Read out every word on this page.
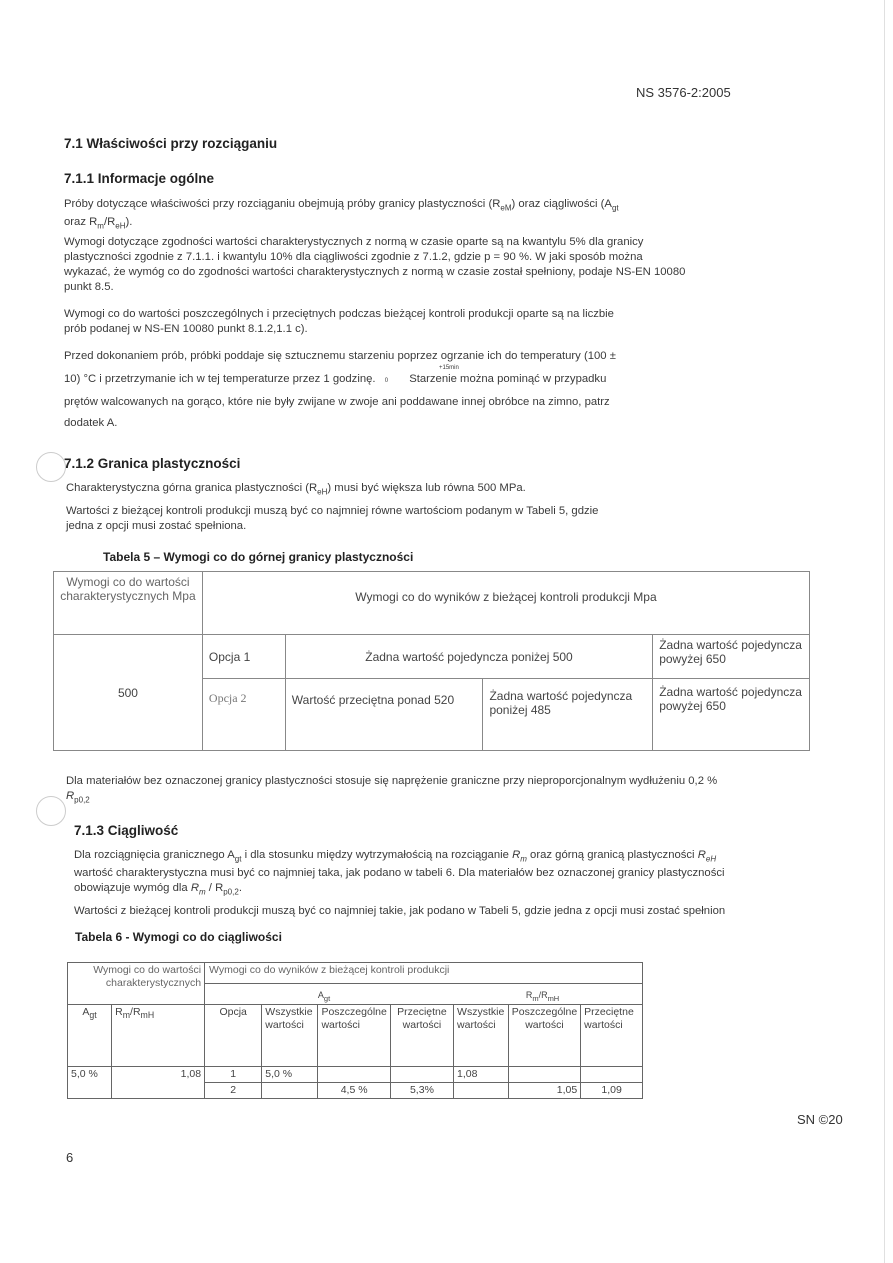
NS 3576-2:2005
7.1 Właściwości przy rozciąganiu
7.1.1 Informacje ogólne
Próby dotyczące właściwości przy rozciąganiu obejmują próby granicy plastyczności $(R_{eM})$ oraz ciągliwości ($A_{gt}$
oraz $R_m/R_{eH}$).
Wymogi dotyczące zgodności wartości charakterystycznych z normą w czasie oparte są na kwantylu 5% dla granicy
plastyczności zgodnie z 7.1.1. i kwantylu 10% dla ciągliwości zgodnie z 7.1.2, gdzie p = 90 %. W jaki sposób można
wykazać, że wymóg co do zgodności wartości charakterystycznych z normą w czasie został spełniony, podaje NS-EN 10080
punkt 8.5.
Wymogi co do wartości poszczególnych i przeciętnych podczas bieżącej kontroli produkcji oparte są na liczbie
prób podanej w NS-EN 10080 punkt 8.1.2,1.1 c).
Przed dokonaniem prób, próbki poddaje się sztucznemu starzeniu poprzez ogrzanie ich do temperatury (100 ±
+15min
10) °C i przetrzymanie ich w tej temperaturze przez 1 godzinę. 0 Starzenie można pominąć w przypadku
prętów walcowanych na gorąco, które nie były zwijane w zwoje ani poddawane innej obróbce na zimno, patrz
dodatek A.
7.1.2 Granica plastyczności
Charakterystyczna górna granica plastyczności $(R_{eH})$ musi być większa lub równa 500 MPa.
Wartości z bieżącej kontroli produkcji muszą być co najmniej równe wartościom podanym w Tabeli 5, gdzie
jedna z opcji musi zostać spełniona.
Tabela 5 – Wymogi co do górnej granicy plastyczności
Wymogi co do wartości charakterystycznych Mpa	Wymogi co do wyników z bieżącej kontroli produkcji Mpa			
500	Opcja 1	Żadna wartość pojedyncza poniżej 500		Żadna wartość pojedyncza powyżej 650
	Opcja 2	Wartość przeciętna ponad 520	Żadna wartość pojedyncza poniżej 485	Żadna wartość pojedyncza powyżej 650
Dla materiałów bez oznaczonej granicy plastyczności stosuje się naprężenie graniczne przy nieproporcjonalnym wydłużeniu 0,2 %
$R_{p0,2}$
7.1.3 Ciągliwość
Dla rozciągnięcia granicznego $A_{gt}$ i dla stosunku między wytrzymałością na rozciąganie $R_m$ oraz górną granicą plastyczności $R_{eH}$
wartość charakterystyczna musi być co najmniej taka, jak podano w tabeli 6. Dla materiałów bez oznaczonej granicy plastyczności
obowiązuje wymóg dla $R_m / R_{p0,2}$.
Wartości z bieżącej kontroli produkcji muszą być co najmniej takie, jak podano w Tabeli 5, gdzie jedna z opcji musi zostać spełnion
Tabela 6 - Wymogi co do ciągliwości
Wymogi co do wartości charakterystycznych		Wymogi co do wyników z bieżącej kontroli produkcji
$A_{gt}$ $R_m/R_{mH}$

$A_{gt}$	$R_m/R_{mH}$	Opcja	Wszystkie wartości	Poszczególne wartości	Przeciętne wartości	Wszystkie wartości	Poszczególne wartości	Przeciętne wartości
5,0 %	1,08	1	5,0 %			1,08		
		2		4,5 %	5,3%		1,05	1,09
SN ©20
6
